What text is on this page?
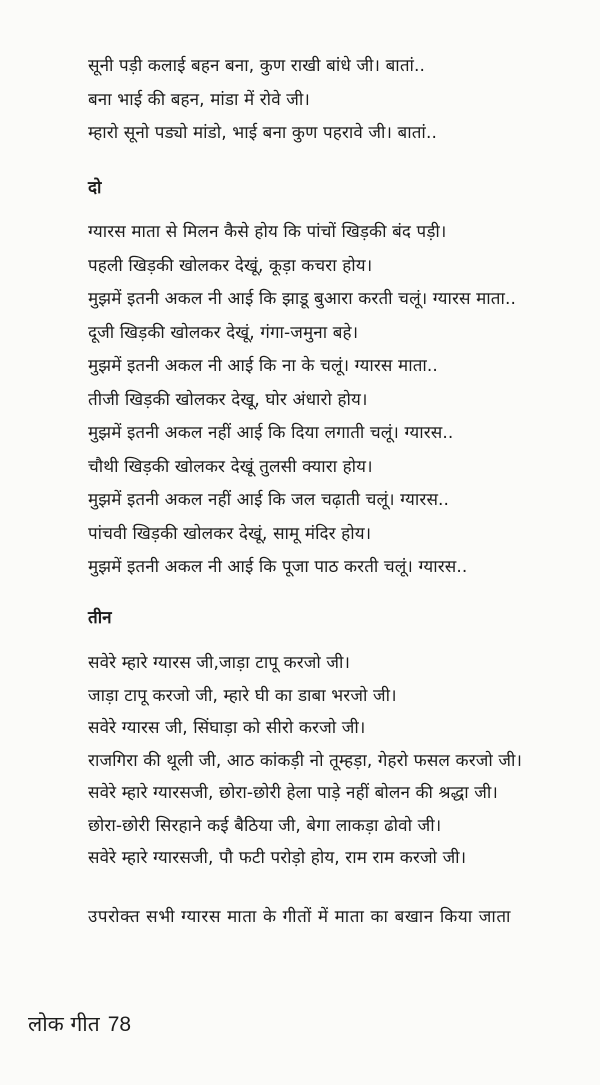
सूनी पड़ी कलाई बहन बना, कुण राखी बांधे जी। बातां..
बना भाई की बहन, मांडा में रोवे जी।
म्हारो सूनो पड्यो मांडो, भाई बना कुण पहरावे जी। बातां..
दो
ग्यारस माता से मिलन कैसे होय कि पांचों खिड़की बंद पड़ी।
पहली खिड़की खोलकर देखूं, कूड़ा कचरा होय।
मुझमें इतनी अकल नी आई कि झाडू बुआरा करती चलूं। ग्यारस माता..
दूजी खिड़की खोलकर देखूं, गंगा-जमुना बहे।
मुझमें इतनी अकल नी आई कि ना के चलूं। ग्यारस माता..
तीजी खिड़की खोलकर देखू, घोर अंधारो होय।
मुझमें इतनी अकल नहीं आई कि दिया लगाती चलूं। ग्यारस..
चौथी खिड़की खोलकर देखूं तुलसी क्यारा होय।
मुझमें इतनी अकल नहीं आई कि जल चढ़ाती चलूं। ग्यारस..
पांचवी खिड़की खोलकर देखूं, सामू मंदिर होय।
मुझमें इतनी अकल नी आई कि पूजा पाठ करती चलूं। ग्यारस..
तीन
सवेरे म्हारे ग्यारस जी,जाड़ा टापू करजो जी।
जाड़ा टापू करजो जी, म्हारे घी का डाबा भरजो जी।
सवेरे ग्यारस जी, सिंघाड़ा को सीरो करजो जी।
राजगिरा की थूली जी, आठ कांकड़ी नो तूम्हड़ा, गेहरो फसल करजो जी।
सवेरे म्हारे ग्यारसजी, छोरा-छोरी हेला पाड़े नहीं बोलन की श्रद्धा जी।
छोरा-छोरी सिरहाने कई बैठिया जी, बेगा लाकड़ा ढोवो जी।
सवेरे म्हारे ग्यारसजी, पौ फटी परोड़ो होय, राम राम करजो जी।
उपरोक्त सभी ग्यारस माता के गीतों में माता का बखान किया जाता
लोक गीत 78
